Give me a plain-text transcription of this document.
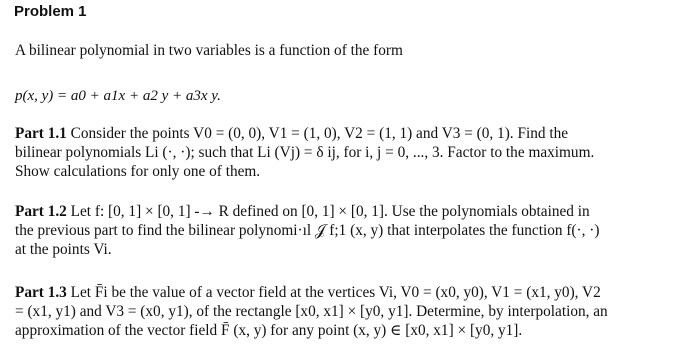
Problem 1
A bilinear polynomial in two variables is a function of the form
p(x, y) = a0 + a1x + a2 y + a3x y.
Part 1.1 Consider the points V0 = (0, 0), V1 = (1, 0), V2 = (1, 1) and V3 = (0, 1). Find the
bilinear polynomials Li (·, ·); such that Li (Vj) = δ ij, for i, j = 0, ..., 3. Factor to the maximum.
Show calculations for only one of them.
Part 1.2 Let f: [0, 1] × [0, 1] -→ R defined on [0, 1] × [0, 1]. Use the polynomials obtained in
the previous part to find the bilinear polynomi·ıl 𝒥 f;1 (x, y) that interpolates the function f(·, ·)
at the points Vi.
Part 1.3 Let F̄i be the value of a vector field at the vertices Vi, V0 = (x0, y0), V1 = (x1, y0), V2
= (x1, y1) and V3 = (x0, y1), of the rectangle [x0, x1] × [y0, y1]. Determine, by interpolation, an
approximation of the vector field F̄ (x, y) for any point (x, y) ∈ [x0, x1] × [y0, y1].
